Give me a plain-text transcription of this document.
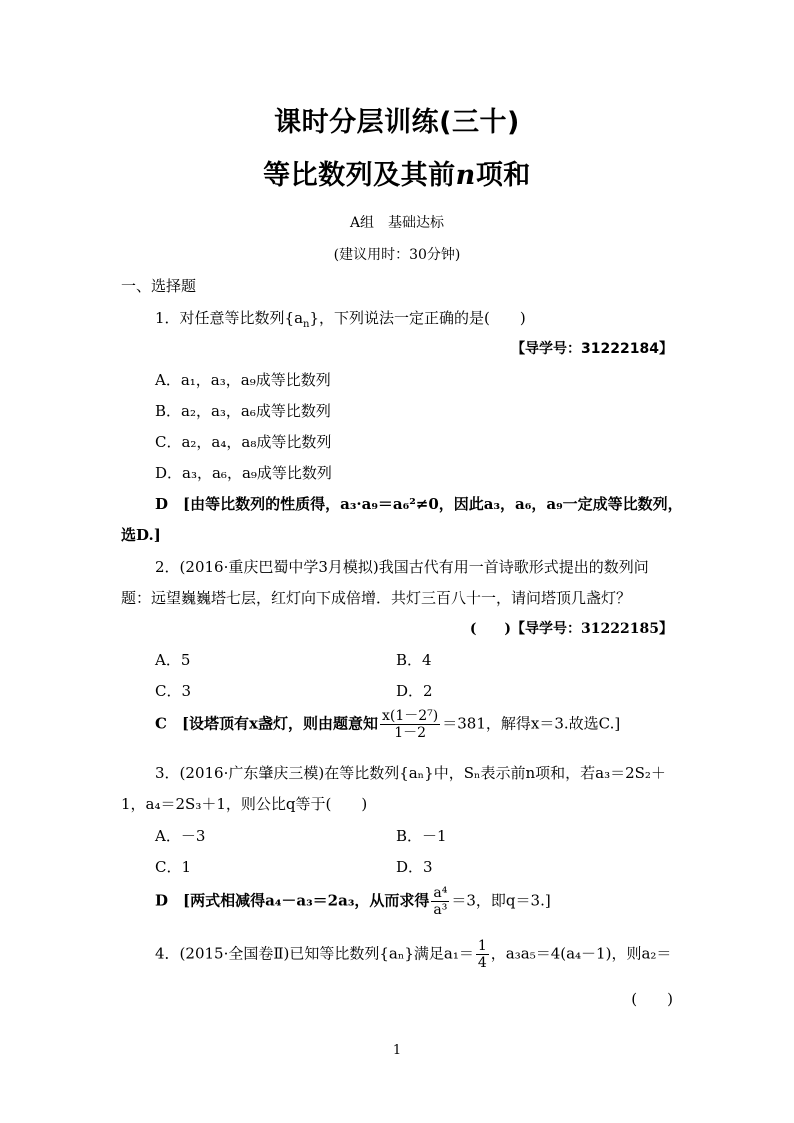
课时分层训练(三十)
等比数列及其前n项和
A组　基础达标
(建议用时：30分钟)
一、选择题
1．对任意等比数列$\{a_n\}$，下列说法一定正确的是(　　)
【导学号：31222184】
A．a₁，a₃，a₉成等比数列
B．a₂，a₃，a₆成等比数列
C．a₂，a₄，a₈成等比数列
D．a₃，a₆，a₉成等比数列
D　[由等比数列的性质得，a₃·a₉＝a₆²≠0，因此a₃，a₆，a₉一定成等比数列，
选D.]
2．(2016·重庆巴蜀中学3月模拟)我国古代有用一首诗歌形式提出的数列问
题：远望巍巍塔七层，红灯向下成倍增．共灯三百八十一，请问塔顶几盏灯？
(　　)【导学号：31222185】
A．5	B．4
C．3	D．2
C　[设塔顶有x盏灯，则由题意知 $\frac{\text{x(1－2⁷)}}{1-2} =381$，解得x＝3.故选C.]
3．(2016·广东肇庆三模)在等比数列{aₙ}中，Sₙ表示前n项和，若a₃＝2S₂＋
1，a₄＝2S₃＋1，则公比q等于(　　)
A．－3	B．－1
C．1	D．3
D　[两式相减得a₄－a₃＝2a₃，从而求得 $\frac{\text{a⁴}}{\text{a³}} =3$，即q＝3.]
4．(2015·全国卷Ⅱ)已知等比数列{aₙ}满足$a_1= \frac{1}{4}$ ，a₃a₅＝4(a₄－1)，则a₂＝
(　　)
1
